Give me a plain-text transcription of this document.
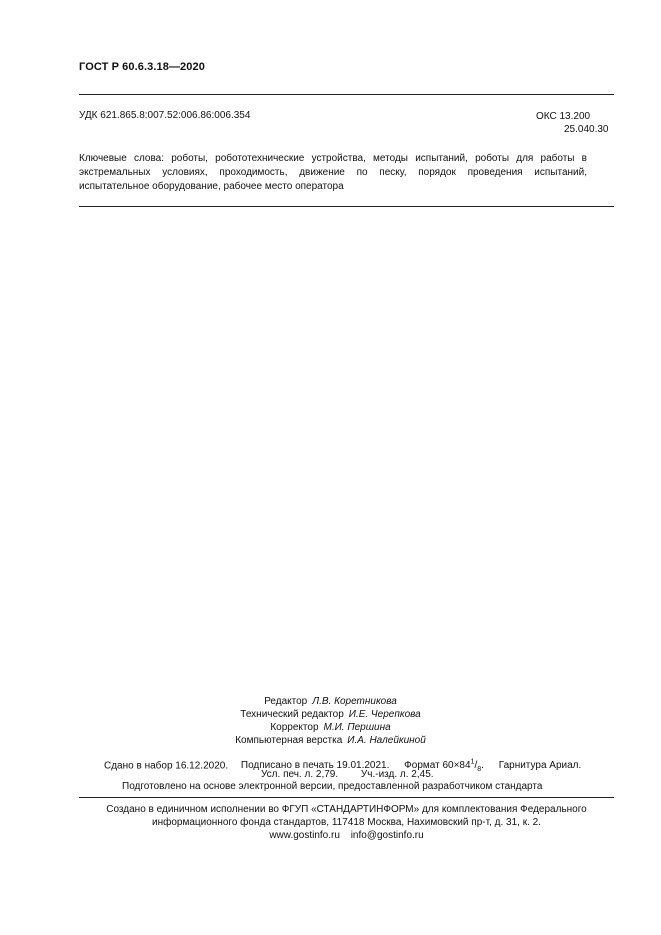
ГОСТ Р 60.6.3.18—2020
УДК 621.865.8:007.52:006.86:006.354	ОКС 13.200
25.040.30
Ключевые слова: роботы, робототехнические устройства, методы испытаний, роботы для работы в экстремальных условиях, проходимость, движение по песку, порядок проведения испытаний, испытательное оборудование, рабочее место оператора
Редактор Л.В. Коретникова
Технический редактор И.Е. Черепкова
Корректор М.И. Першина
Компьютерная верстка И.А. Налейкиной
Сдано в набор 16.12.2020. Подписано в печать 19.01.2021. Формат $60\times 84^1/_8$. Гарнитура Ариал.
Усл. печ. л. 2,79. Уч.-изд. л. 2,45.
Подготовлено на основе электронной версии, предоставленной разработчиком стандарта
Создано в единичном исполнении во ФГУП «СТАНДАРТИНФОРМ» для комплектования Федерального
информационного фонда стандартов, 117418 Москва, Нахимовский пр-т, д. 31, к. 2.
www.gostinfo.ru info@gostinfo.ru
